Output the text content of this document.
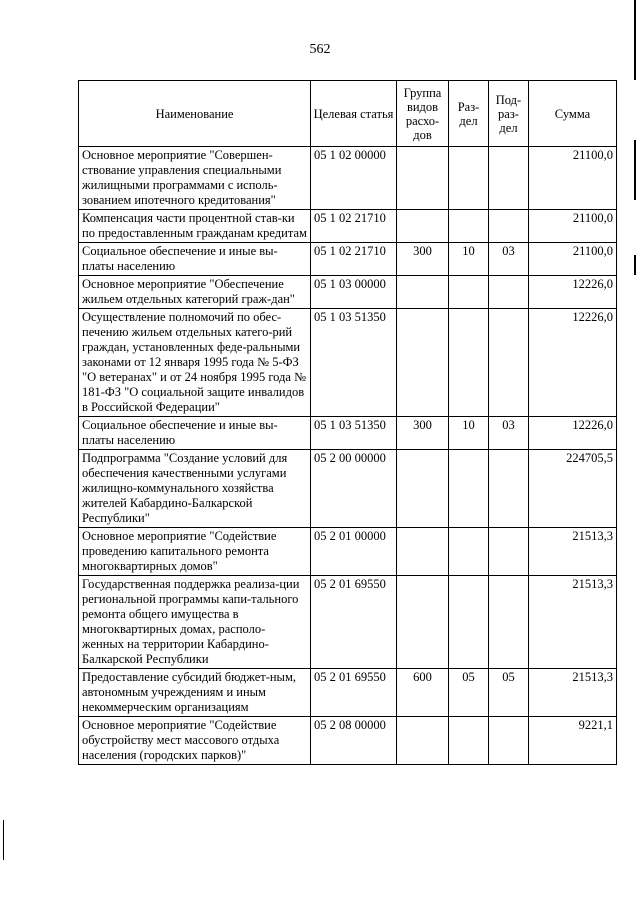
562
Наименование	Целевая статья	Группа видов расхо-дов	Раз-дел	Под-раз-дел	Сумма
Основное мероприятие "Совершен-ствование управления специальными жилищными программами с исполь-зованием ипотечного кредитования"	05 1 02 00000				21100,0
Компенсация части процентной став-ки по предоставленным гражданам кредитам	05 1 02 21710				21100,0
Социальное обеспечение и иные вы-платы населению	05 1 02 21710	300	10	03	21100,0
Основное мероприятие "Обеспечение жильем отдельных категорий граж-дан"	05 1 03 00000				12226,0
Осуществление полномочий по обес-печению жильем отдельных катего-рий граждан, установленных феде-ральными законами от 12 января 1995 года № 5-ФЗ "О ветеранах" и от 24 ноября 1995 года № 181-ФЗ "О социальной защите инвалидов в Российской Федерации"	05 1 03 51350				12226,0
Социальное обеспечение и иные вы-платы населению	05 1 03 51350	300	10	03	12226,0
Подпрограмма "Создание условий для обеспечения качественными услугами жилищно-коммунального хозяйства жителей Кабардино-Балкарской Республики"	05 2 00 00000				224705,5
Основное мероприятие "Содействие проведению капитального ремонта многоквартирных домов"	05 2 01 00000				21513,3
Государственная поддержка реализа-ции региональной программы капи-тального ремонта общего имущества в многоквартирных домах, располо-женных на территории Кабардино-Балкарской Республики	05 2 01 69550				21513,3
Предоставление субсидий бюджет-ным, автономным учреждениям и иным некоммерческим организациям	05 2 01 69550	600	05	05	21513,3
Основное мероприятие "Содействие обустройству мест массового отдыха населения (городских парков)"	05 2 08 00000				9221,1
